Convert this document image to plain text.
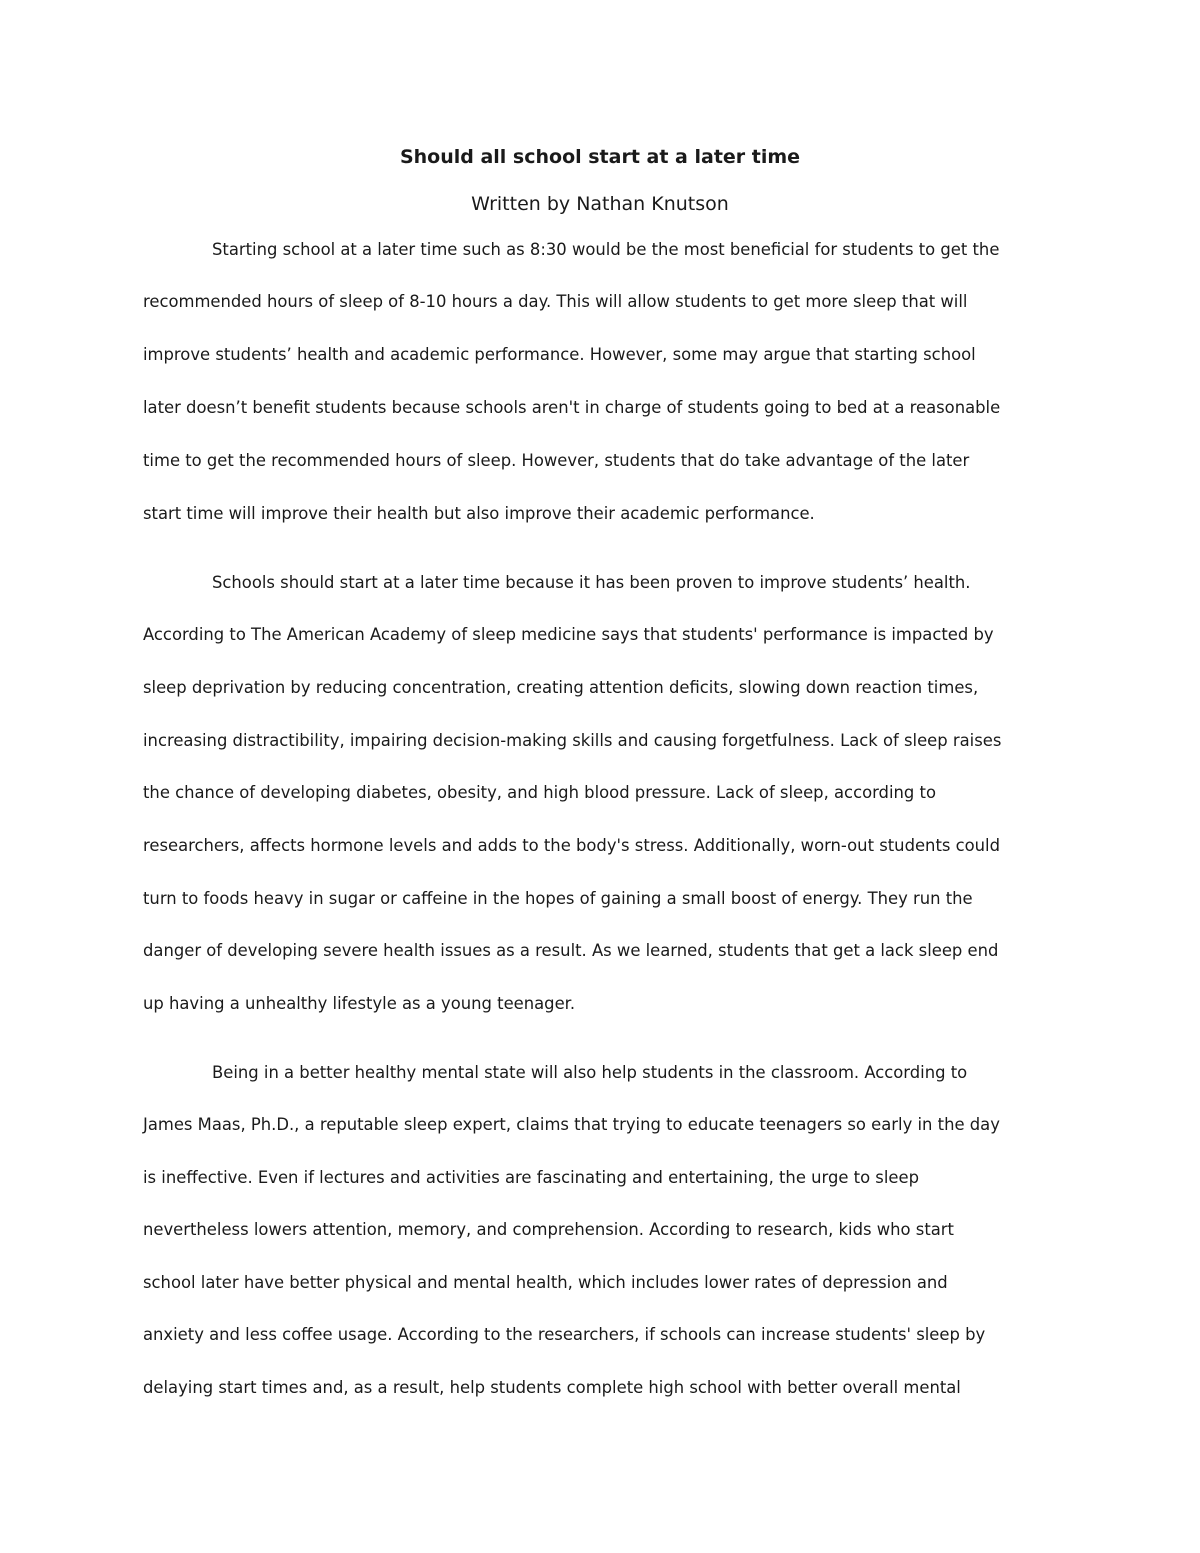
Should all school start at a later time
Written by Nathan Knutson

Starting school at a later time such as 8:30 would be the most beneficial for students to get the

recommended hours of sleep of 8-10 hours a day. This will allow students to get more sleep that will

improve students’ health and academic performance. However, some may argue that starting school

later doesn’t benefit students because schools aren't in charge of students going to bed at a reasonable

time to get the recommended hours of sleep. However, students that do take advantage of the later

start time will improve their health but also improve their academic performance.

Schools should start at a later time because it has been proven to improve students’ health.

According to The American Academy of sleep medicine says that students' performance is impacted by

sleep deprivation by reducing concentration, creating attention deficits, slowing down reaction times,

increasing distractibility, impairing decision-making skills and causing forgetfulness. Lack of sleep raises

the chance of developing diabetes, obesity, and high blood pressure. Lack of sleep, according to

researchers, affects hormone levels and adds to the body's stress. Additionally, worn-out students could

turn to foods heavy in sugar or caffeine in the hopes of gaining a small boost of energy. They run the

danger of developing severe health issues as a result. As we learned, students that get a lack sleep end

up having a unhealthy lifestyle as a young teenager.

Being in a better healthy mental state will also help students in the classroom. According to

James Maas, Ph.D., a reputable sleep expert, claims that trying to educate teenagers so early in the day

is ineffective. Even if lectures and activities are fascinating and entertaining, the urge to sleep

nevertheless lowers attention, memory, and comprehension. According to research, kids who start

school later have better physical and mental health, which includes lower rates of depression and

anxiety and less coffee usage. According to the researchers, if schools can increase students' sleep by

delaying start times and, as a result, help students complete high school with better overall mental
